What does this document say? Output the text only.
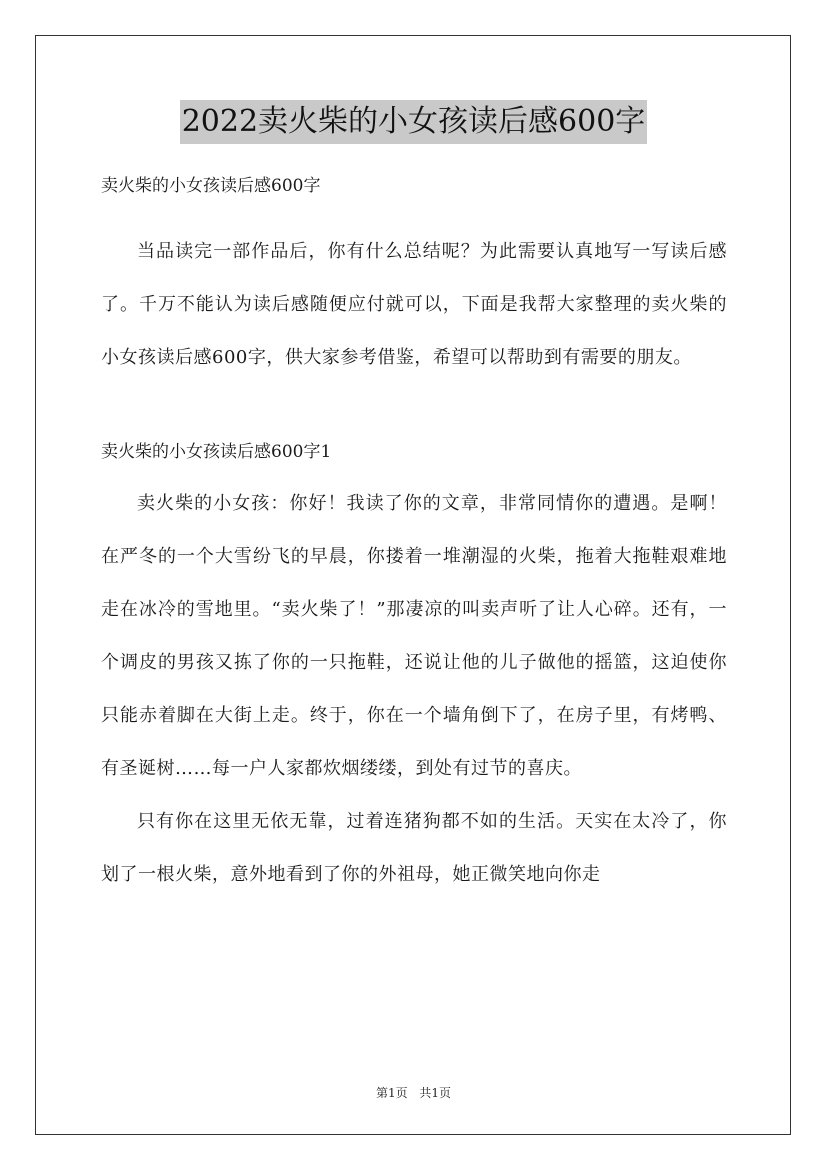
2022卖火柴的小女孩读后感600字

卖火柴的小女孩读后感600字

当品读完一部作品后，你有什么总结呢？为此需要认真地写一写读后感了。千万不能认为读后感随便应付就可以，下面是我帮大家整理的卖火柴的小女孩读后感600字，供大家参考借鉴，希望可以帮助到有需要的朋友。

卖火柴的小女孩读后感600字1

卖火柴的小女孩：你好！我读了你的文章，非常同情你的遭遇。是啊！在严冬的一个大雪纷飞的早晨，你搂着一堆潮湿的火柴，拖着大拖鞋艰难地走在冰冷的雪地里。“卖火柴了！”那凄凉的叫卖声听了让人心碎。还有，一个调皮的男孩又拣了你的一只拖鞋，还说让他的儿子做他的摇篮，这迫使你只能赤着脚在大街上走。终于，你在一个墙角倒下了，在房子里，有烤鸭、有圣诞树……每一户人家都炊烟缕缕，到处有过节的喜庆。

只有你在这里无依无靠，过着连猪狗都不如的生活。天实在太冷了，你划了一根火柴，意外地看到了你的外祖母，她正微笑地向你走

第1页 共1页
